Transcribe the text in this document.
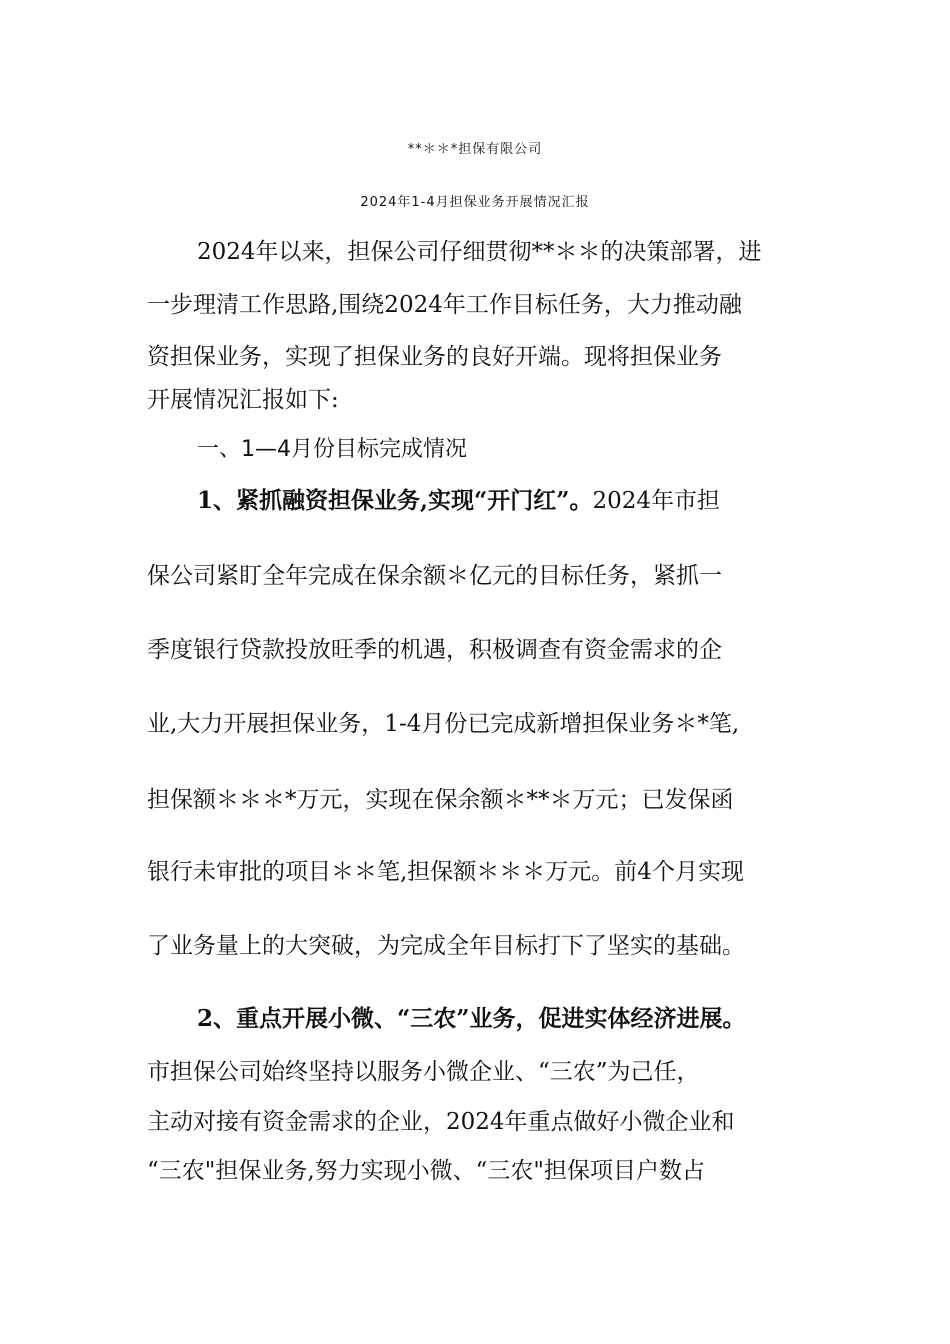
**＊＊*担保有限公司
2024年1-4月担保业务开展情况汇报
2024年以来，担保公司仔细贯彻**＊＊的决策部署，进
一步理清工作思路,围绕2024年工作目标任务，大力推动融
资担保业务，实现了担保业务的良好开端。现将担保业务
开展情况汇报如下:
一、1—4月份目标完成情况
1、紧抓融资担保业务,实现“开门红”。2024年市担
保公司紧盯全年完成在保余额＊亿元的目标任务，紧抓一
季度银行贷款投放旺季的机遇，积极调查有资金需求的企
业,大力开展担保业务，1-4月份已完成新增担保业务＊*笔,
担保额＊＊＊*万元，实现在保余额＊**＊万元；已发保函
银行未审批的项目＊＊笔,担保额＊＊＊万元。前4个月实现
了业务量上的大突破，为完成全年目标打下了坚实的基础。
2、重点开展小微、“三农”业务，促进实体经济进展。
市担保公司始终坚持以服务小微企业、“三农”为己任，
主动对接有资金需求的企业，2024年重点做好小微企业和
“三农"担保业务,努力实现小微、“三农"担保项目户数占
